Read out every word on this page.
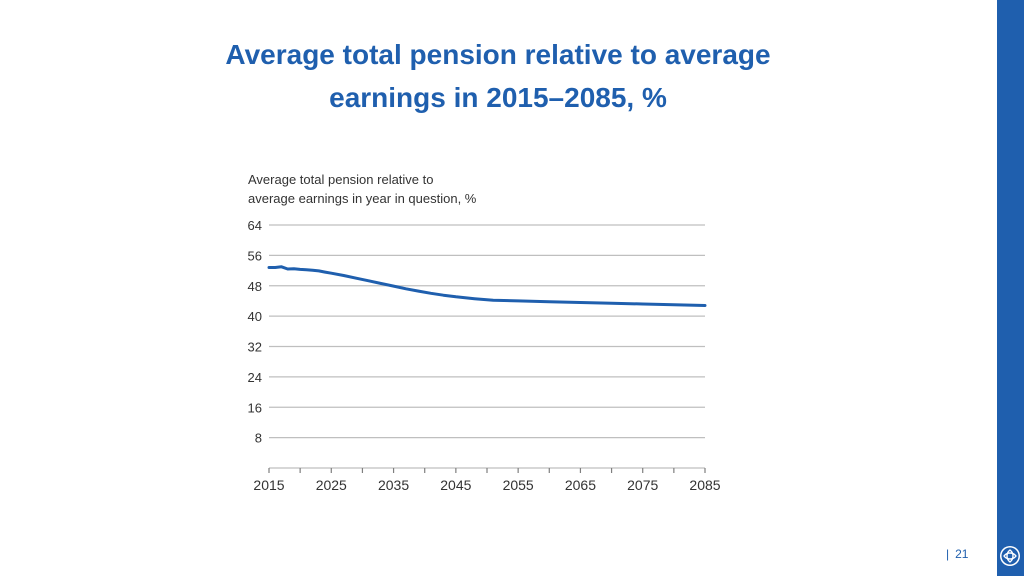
Average total pension relative to average
earnings in 2015–2085, %
Average total pension relative to
average earnings in year in question, %
64
56
48
40
32
24
16
8
2015 2025 2035 2045 2055 2065 2075 2085
| 21
